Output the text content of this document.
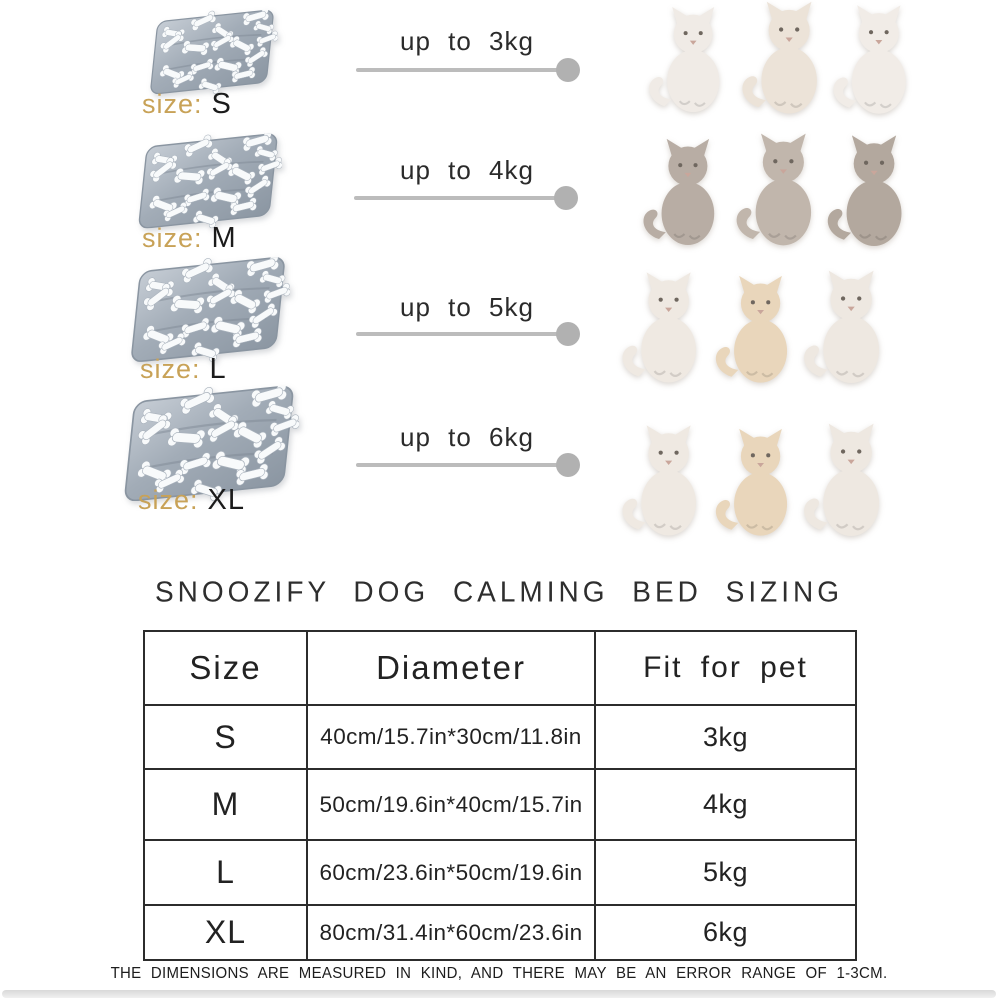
size: S
up to 3kg
size: M
up to 4kg
size: L
up to 5kg
size: XL
up to 6kg
SNOOZIFY DOG CALMING BED SIZING
Size	Diameter	Fit for pet
S	40cm/15.7in*30cm/11.8in	3kg
M	50cm/19.6in*40cm/15.7in	4kg
L	60cm/23.6in*50cm/19.6in	5kg
XL	80cm/31.4in*60cm/23.6in	6kg
THE DIMENSIONS ARE MEASURED IN KIND, AND THERE MAY BE AN ERROR RANGE OF 1-3CM.
